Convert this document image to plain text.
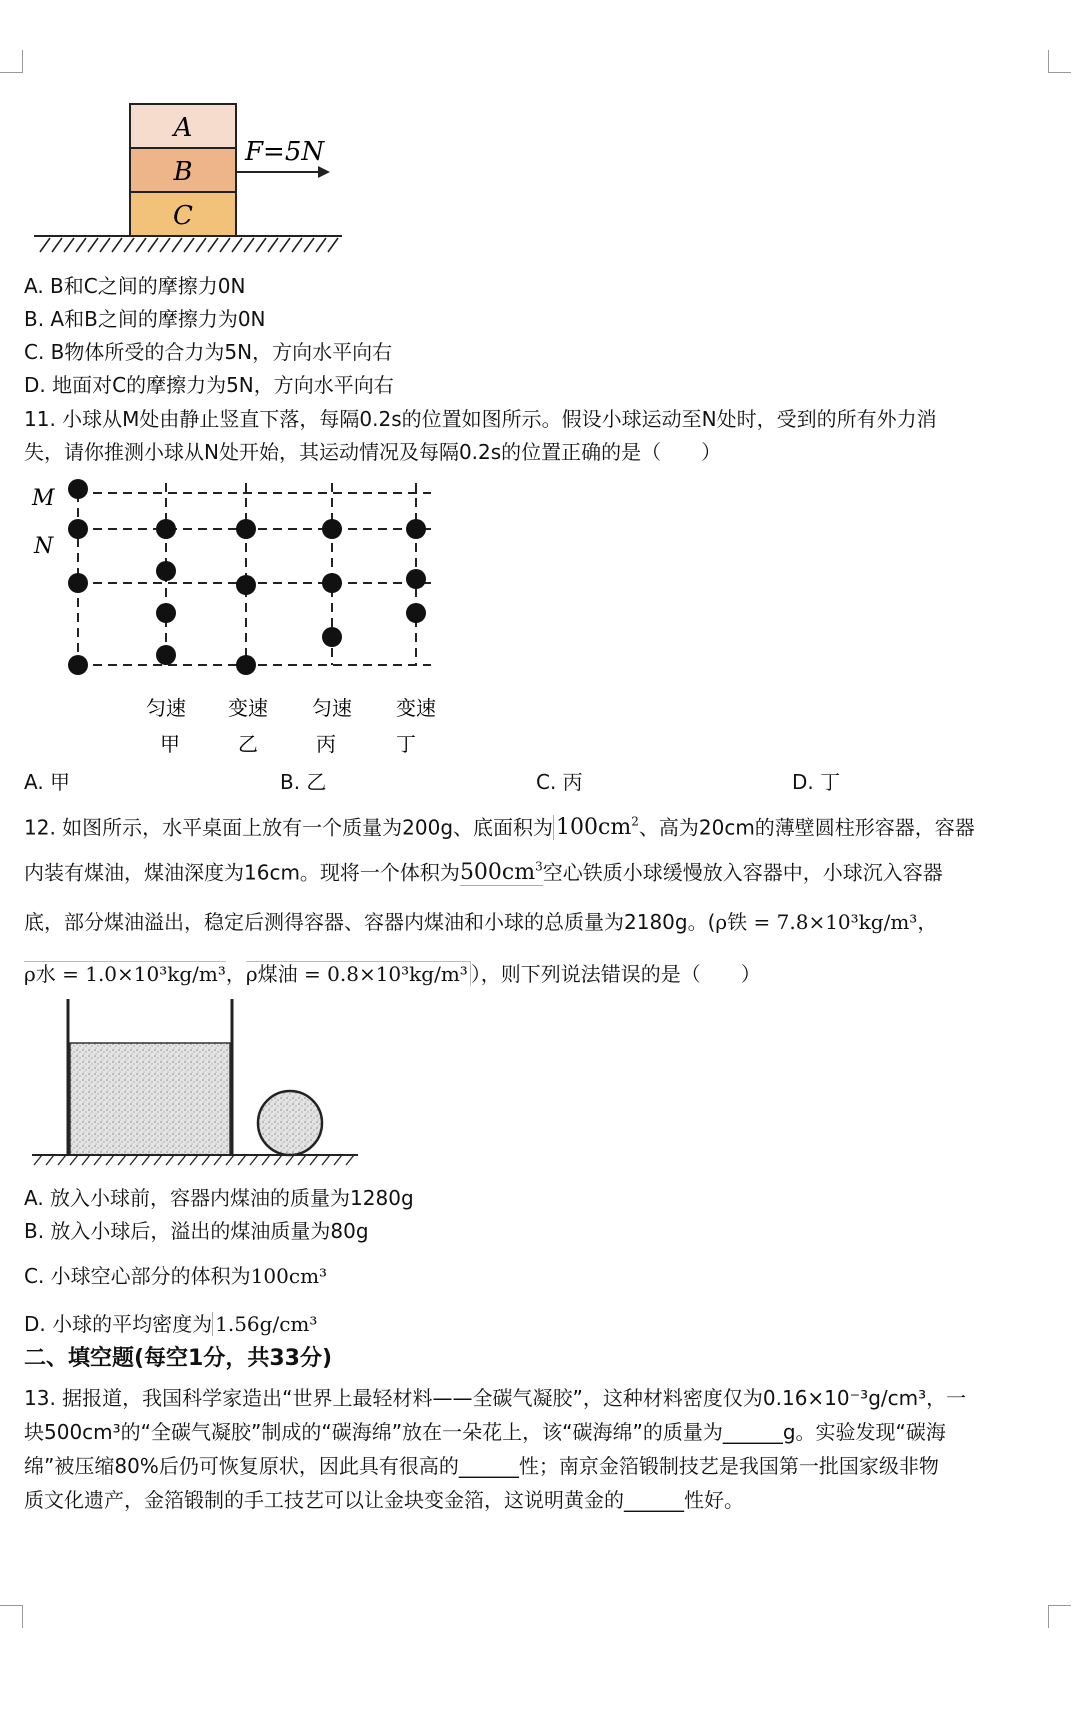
A
B
C
F=5N
A. B和C之间的摩擦力0N
B. A和B之间的摩擦力为0N
C. B物体所受的合力为5N，方向水平向右
D. 地面对C的摩擦力为5N，方向水平向右
11. 小球从M处由静止竖直下落，每隔0.2s的位置如图所示。假设小球运动至N处时，受到的所有外力消
失，请你推测小球从N处开始，其运动情况及每隔0.2s的位置正确的是（　　）
M
N
匀速 变速 匀速 变速
甲	乙	丙	丁
A. 甲	B. 乙	C. 丙	D. 丁
12. 如图所示，水平桌面上放有一个质量为200g、底面积为 $100cm^2$、高为20cm的薄壁圆柱形容器，容器
内装有煤油，煤油深度为16cm。现将一个体积为$500cm^3$空心铁质小球缓慢放入容器中，小球沉入容器
底，部分煤油溢出，稳定后测得容器、容器内煤油和小球的总质量为2180g。(ρ铁 = 7.8×10³kg/m³，
ρ水 = 1.0×10³kg/m³，ρ煤油 = 0.8×10³kg/m³ ），则下列说法错误的是（　　）
A. 放入小球前，容器内煤油的质量为1280g
B. 放入小球后，溢出的煤油质量为80g
C. 小球空心部分的体积为100cm³
D. 小球的平均密度为 1.56g/cm³
二、填空题(每空1分，共33分)
13. 据报道，我国科学家造出“世界上最轻材料——全碳气凝胶”，这种材料密度仅为0.16×10⁻³g/cm³，一
块500cm³的“全碳气凝胶”制成的“碳海绵”放在一朵花上，该“碳海绵”的质量为______g。实验发现“碳海
绵”被压缩80%后仍可恢复原状，因此具有很高的______性；南京金箔锻制技艺是我国第一批国家级非物
质文化遗产，金箔锻制的手工技艺可以让金块变金箔，这说明黄金的______性好。
